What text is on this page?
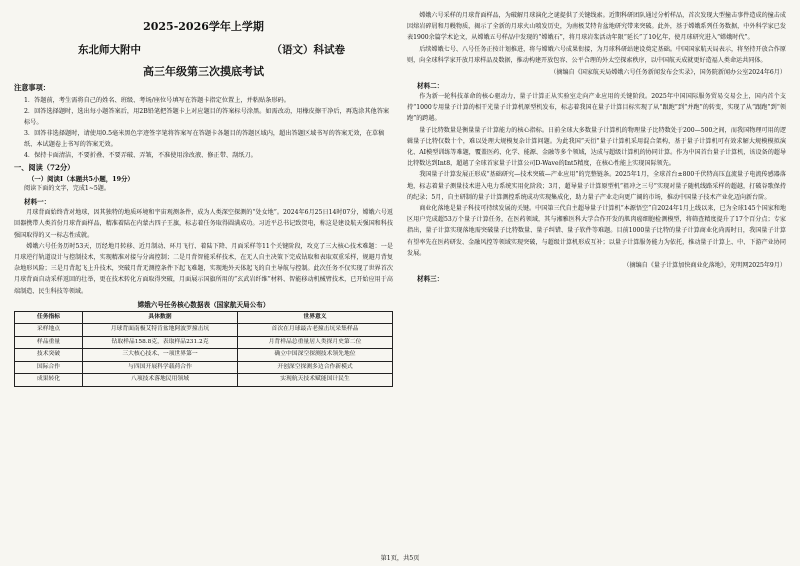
2025-2026学年上学期
东北师大附中	（语文）科试卷
高三年级第三次摸底考试
注意事项：

1．答题前，考生需将自己的姓名、班级、考场/座位号填写在答题卡指定位置上，并粘贴条形码。

2．回答选择题时，选出每小题答案后，用2B铅笔把答题卡上对应题目的答案标号涂黑。如需改动，用橡皮擦干净后，再选涂其他答案标号。

3．回答非选择题时，请使用0.5毫米黑色字迹签字笔将答案写在答题卡各题目的答题区域内，超出答题区域书写的答案无效，在草稿纸、本试题卷上书写的答案无效。

4．保持卡面清洁，不要折叠、不要弄破、弄皱，不准使用涂改液、修正带、刮纸刀。

一、阅读（72分）
（一）阅读Ⅰ（本题共5小题，19分）

阅读下面的文字，完成1~5题。

材料一：

月球背面始终背对地球，因其独特的地质环境和宇宙观测条件，成为人类深空探测的“处女地”。2024年6月25日14时07分，嫦娥六号返回器携带人类首份月球背面样品，精准着陆在内蒙古四子王旗，标志着任务取得圆满成功。习近平总书记致贺电，称这是建设航天强国和科技强国取得的又一标志性成就。

嫦娥六号任务历时53天，历经地月转移、近月制动、环月飞行、着陆下降、月面采样等11个关键阶段，攻克了三大核心技术难题：一是月球逆行轨道设计与控制技术，实现精准对接与分离控制；二是月背智能采样技术，在无人自主决策下完成钻取和表取双重采样，规避月背复杂地形风险；三是月背起飞上升技术，突破月背无测控条件下起飞难题，实现地外天体起飞的自主导航与控制。此次任务不仅实现了世界首次月球背面自动采样返回的壮举，更在技术转化方面取得突破，月面展示国旗所用的“玄武岩纤维”材料、智能移动机械臂技术，已开始应用于高端制造、民生科技等领域。

嫦娥六号任务核心数据表（国家航天局公布）
任务指标	具体数据	世界意义
采样地点	月球背面南极艾特肯盆地阿波罗撞击坑	首次在月球最古老撞击坑采集样品
样品重量	钻取样品158.8克，表取样品231.2克	月背样品总重量居人类探月史第二位
技术突破	三大核心技术、一项世界第一	确立中国深空探测技术领先地位
国际合作	与四国开展科学载荷合作	开创深空探测多边合作新模式
成果转化	八项技术落地民用领域	实现航天技术赋能国计民生

嫦娥六号采样的月球背面样品，为破解月球演化之谜提供了关键线索。近期科研团队通过分析样品，首次发现大型撞击事件造成的撞击成因熔岩碎屑和月幔物质，揭示了全新的月球火山喷发历史，为南极艾特肯盆地研究带来突破。此外，基于嫦娥系列任务数据，中外科学家已发表1900余篇学术论文，从嫦娥五号样品中发现的“嫦娥石”，将月球岩浆活动年限“延长”了10亿年，使月球研究进入“嫦娥时代”。

后续嫦娥七号、八号任务正按计划推进，将与嫦娥六号成果衔接，为月球科研站建设奠定基础。中国国家航天局表示，将坚持开放合作原则，向全球科学家开放月球样品及数据，推动构建开放包容、公平合理的外太空探索秩序，以中国航天成就更好造福人类命运共同体。

（摘编自《国家航天局嫦娥六号任务新闻发布会实录》，国务院新闻办公室2024年6月）
材料二：

作为新一轮科技革命的核心驱动力，量子计算正从实验室走向产业应用的关键阶段。2025年中国国际服务贸易交易会上，国内首个支持“1000专用量子计算的相干光量子计算机原型机发布，标志着我国在量子计算目标实现了从“跟跑”到“并跑”的转变，实现了从“跟跑”到“领跑”的跨越。

量子比特数量是衡量量子计算能力的核心指标。日前全球大多数量子计算机的物理量子比特数处于200—500之间，而我国物理可用的逻辑量子比特仅数十个，难以处理大规模复杂计算问题。为此我国“天衍”量子计算机采用混合架构，基于量子计算机可有效求解大规模模拟演化、AI模型训练等难题，覆盖医药、化学、能源、金融等多个领域，达成与超级计算机的协同计算。作为中国首台量子计算机，该设备的超导比特数达到Int8，超越了全球首家量子计算公司D-Wave的Int5精度，在核心性能上实现国际领先。

我国量子计算发展正形成“基础研究—技术突破—产业应用”的完整链条。2025年1月，全球首台±800千伏特高压直流量子电流传感器落地，标志着量子测量技术进入电力系统实用化阶段；3月，超导量子计算原型机“祖冲之三号”实现对量子随机线路采样的超越，打破谷歌保持的纪录；5月，自主研制的量子计算测控系统成功实现集成化，助力量子产业走向更广阔的市场，推动中国量子技术产业化迈向新台阶。

商业化落地是量子科技可持续发展的关键。中国第三代自主超导量子计算机“本源悟空”自2024年1月上线以来，已为全球145个国家和地区用户完成超53万个量子计算任务，在医药领域，其与湘雅医科大学合作开发的肌肉癌细胞检测模型，将筛查精度提升了17个百分点；专家指出，量子计算实现落地需突破量子比特数量、量子纠错、量子软件等难题。目前1000量子比特的量子计算商业化尚需时日，我国量子计算有望率先在医药研发、金融风控等领域实现突破，与超级计算机形成互补；以量子计算服务能力为依托，推动量子计算上、中、下游产业协同发展。

（摘编自《量子计算加快商业化落地》，光明网2025年9月）
材料三：
第1页，共5页
